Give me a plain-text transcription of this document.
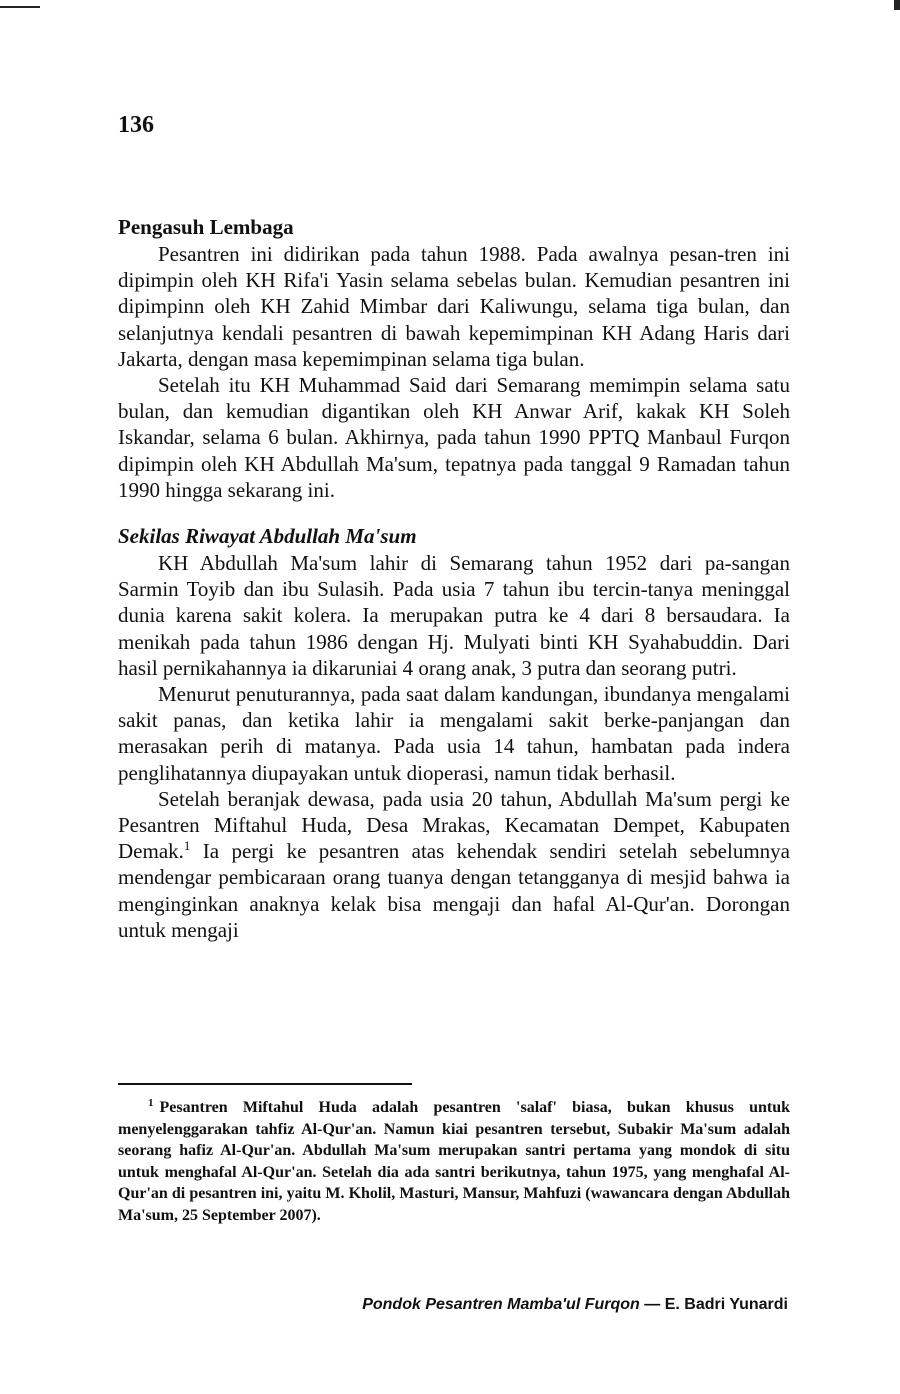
136
Pengasuh Lembaga

Pesantren ini didirikan pada tahun 1988. Pada awalnya pesan-tren ini dipimpin oleh KH Rifa'i Yasin selama sebelas bulan. Kemudian pesantren ini dipimpinn oleh KH Zahid Mimbar dari Kaliwungu, selama tiga bulan, dan selanjutnya kendali pesantren di bawah kepemimpinan KH Adang Haris dari Jakarta, dengan masa kepemimpinan selama tiga bulan.

Setelah itu KH Muhammad Said dari Semarang memimpin selama satu bulan, dan kemudian digantikan oleh KH Anwar Arif, kakak KH Soleh Iskandar, selama 6 bulan. Akhirnya, pada tahun 1990 PPTQ Manbaul Furqon dipimpin oleh KH Abdullah Ma'sum, tepatnya pada tanggal 9 Ramadan tahun 1990 hingga sekarang ini.

Sekilas Riwayat Abdullah Ma'sum

KH Abdullah Ma'sum lahir di Semarang tahun 1952 dari pa-sangan Sarmin Toyib dan ibu Sulasih. Pada usia 7 tahun ibu tercin-tanya meninggal dunia karena sakit kolera. Ia merupakan putra ke 4 dari 8 bersaudara. Ia menikah pada tahun 1986 dengan Hj. Mulyati binti KH Syahabuddin. Dari hasil pernikahannya ia dikaruniai 4 orang anak, 3 putra dan seorang putri.

Menurut penuturannya, pada saat dalam kandungan, ibundanya mengalami sakit panas, dan ketika lahir ia mengalami sakit berke-panjangan dan merasakan perih di matanya. Pada usia 14 tahun, hambatan pada indera penglihatannya diupayakan untuk dioperasi, namun tidak berhasil.

Setelah beranjak dewasa, pada usia 20 tahun, Abdullah Ma'sum pergi ke Pesantren Miftahul Huda, Desa Mrakas, Kecamatan Dempet, Kabupaten Demak.$^1$ Ia pergi ke pesantren atas kehendak sendiri setelah sebelumnya mendengar pembicaraan orang tuanya dengan tetangganya di mesjid bahwa ia menginginkan anaknya kelak bisa mengaji dan hafal Al-Qur'an. Dorongan untuk mengaji

$^1$ Pesantren Miftahul Huda adalah pesantren 'salaf' biasa, bukan khusus untuk menyelenggarakan tahfiz Al-Qur'an. Namun kiai pesantren tersebut, Subakir Ma'sum adalah seorang hafiz Al-Qur'an. Abdullah Ma'sum merupakan santri pertama yang mondok di situ untuk menghafal Al-Qur'an. Setelah dia ada santri berikutnya, tahun 1975, yang menghafal Al-Qur'an di pesantren ini, yaitu M. Kholil, Masturi, Mansur, Mahfuzi (wawancara dengan Abdullah Ma'sum, 25 September 2007).

Pondok Pesantren Mamba'ul Furqon — E. Badri Yunardi
